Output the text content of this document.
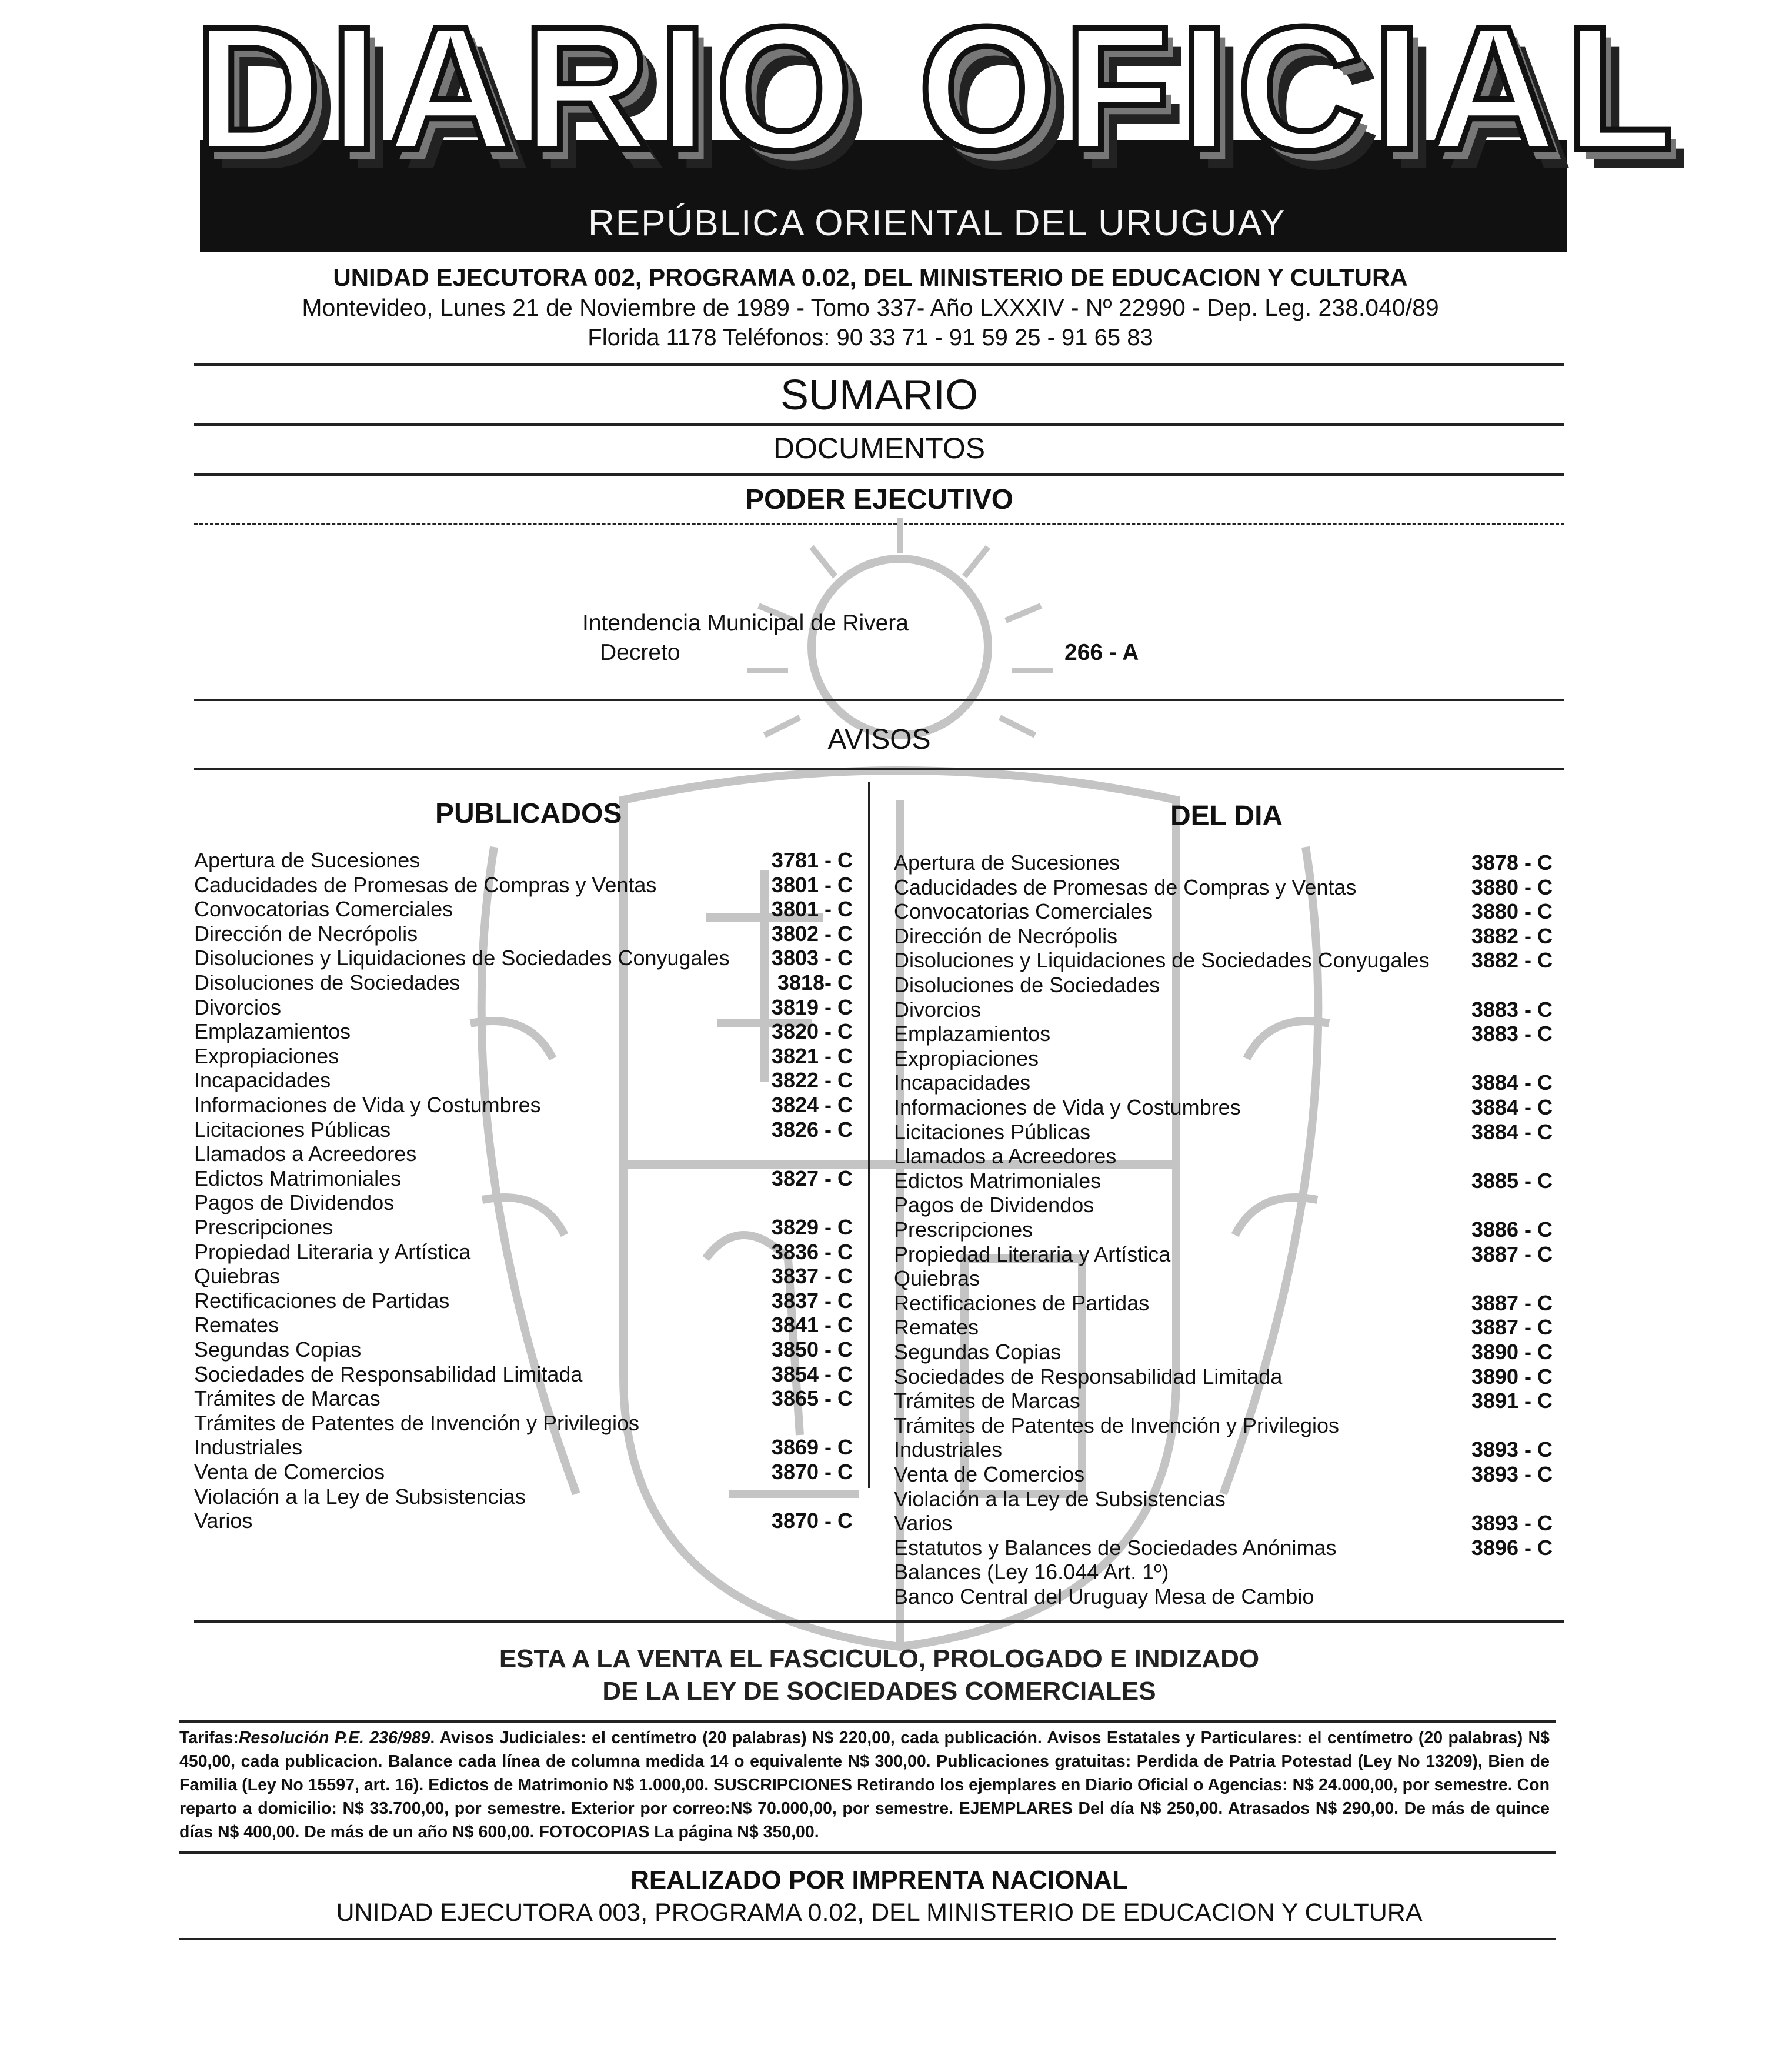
DIARIO OFICIAL
REPÚBLICA ORIENTAL DEL URUGUAY
UNIDAD EJECUTORA 002, PROGRAMA 0.02, DEL MINISTERIO DE EDUCACION Y CULTURA
Montevideo, Lunes 21 de Noviembre de 1989 - Tomo 337- Año LXXXIV - Nº 22990 - Dep. Leg. 238.040/89
Florida 1178 Teléfonos: 90 33 71 - 91 59 25 - 91 65 83
SUMARIO
DOCUMENTOS
PODER EJECUTIVO
Intendencia Municipal de Rivera
Decreto	266 - A
AVISOS
PUBLICADOS	DEL DIA
Apertura de Sucesiones	3781 - C
Caducidades de Promesas de Compras y Ventas	3801 - C
Convocatorias Comerciales	3801 - C
Dirección de Necrópolis	3802 - C
Disoluciones y Liquidaciones de Sociedades Conyugales 3803 - C
Disoluciones de Sociedades	3818- C
Divorcios	3819 - C
Emplazamientos	3820 - C
Expropiaciones	3821 - C
Incapacidades	3822 - C
Informaciones de Vida y Costumbres	3824 - C
Licitaciones Públicas	3826 - C
Llamados a Acreedores
Edictos Matrimoniales	3827 - C
Pagos de Dividendos
Prescripciones	3829 - C
Propiedad Literaria y Artística	3836 - C
Quiebras	3837 - C
Rectificaciones de Partidas	3837 - C
Remates	3841 - C
Segundas Copias	3850 - C
Sociedades de Responsabilidad Limitada	3854 - C
Trámites de Marcas	3865 - C
Trámites de Patentes de Invención y Privilegios
Industriales	3869 - C
Venta de Comercios	3870 - C
Violación a la Ley de Subsistencias
Varios	3870 - C
Apertura de Sucesiones	3878 - C
Caducidades de Promesas de Compras y Ventas	3880 - C
Convocatorias Comerciales	3880 - C
Dirección de Necrópolis	3882 - C
Disoluciones y Liquidaciones de Sociedades Conyugales 3882 - C
Disoluciones de Sociedades
Divorcios	3883 - C
Emplazamientos	3883 - C
Expropiaciones
Incapacidades	3884 - C
Informaciones de Vida y Costumbres	3884 - C
Licitaciones Públicas	3884 - C
Llamados a Acreedores
Edictos Matrimoniales	3885 - C
Pagos de Dividendos
Prescripciones	3886 - C
Propiedad Literaria y Artística	3887 - C
Quiebras
Rectificaciones de Partidas	3887 - C
Remates	3887 - C
Segundas Copias	3890 - C
Sociedades de Responsabilidad Limitada	3890 - C
Trámites de Marcas	3891 - C
Trámites de Patentes de Invención y Privilegios
Industriales	3893 - C
Venta de Comercios	3893 - C
Violación a la Ley de Subsistencias
Varios	3893 - C
Estatutos y Balances de Sociedades Anónimas	3896 - C
Balances (Ley 16.044 Art. 1º)
Banco Central del Uruguay Mesa de Cambio
ESTA A LA VENTA EL FASCICULO, PROLOGADO E INDIZADO
DE LA LEY DE SOCIEDADES COMERCIALES
Tarifas:Resolución P.E. 236/989. Avisos Judiciales: el centímetro (20 palabras) N$ 220,00, cada publicación. Avisos Estatales y Particulares: el centímetro (20 palabras) N$ 450,00, cada publicacion. Balance cada línea de columna medida 14 o equivalente N$ 300,00. Publicaciones gratuitas: Perdida de Patria Potestad (Ley No 13209), Bien de Familia (Ley No 15597, art. 16). Edictos de Matrimonio N$ 1.000,00. SUSCRIPCIONES Retirando los ejemplares en Diario Oficial o Agencias: N$ 24.000,00, por semestre. Con reparto a domicilio: N$ 33.700,00, por semestre. Exterior por correo:N$ 70.000,00, por semestre. EJEMPLARES Del día N$ 250,00. Atrasados N$ 290,00. De más de quince días N$ 400,00. De más de un año N$ 600,00. FOTOCOPIAS La página N$ 350,00.
REALIZADO POR IMPRENTA NACIONAL
UNIDAD EJECUTORA 003, PROGRAMA 0.02, DEL MINISTERIO DE EDUCACION Y CULTURA
